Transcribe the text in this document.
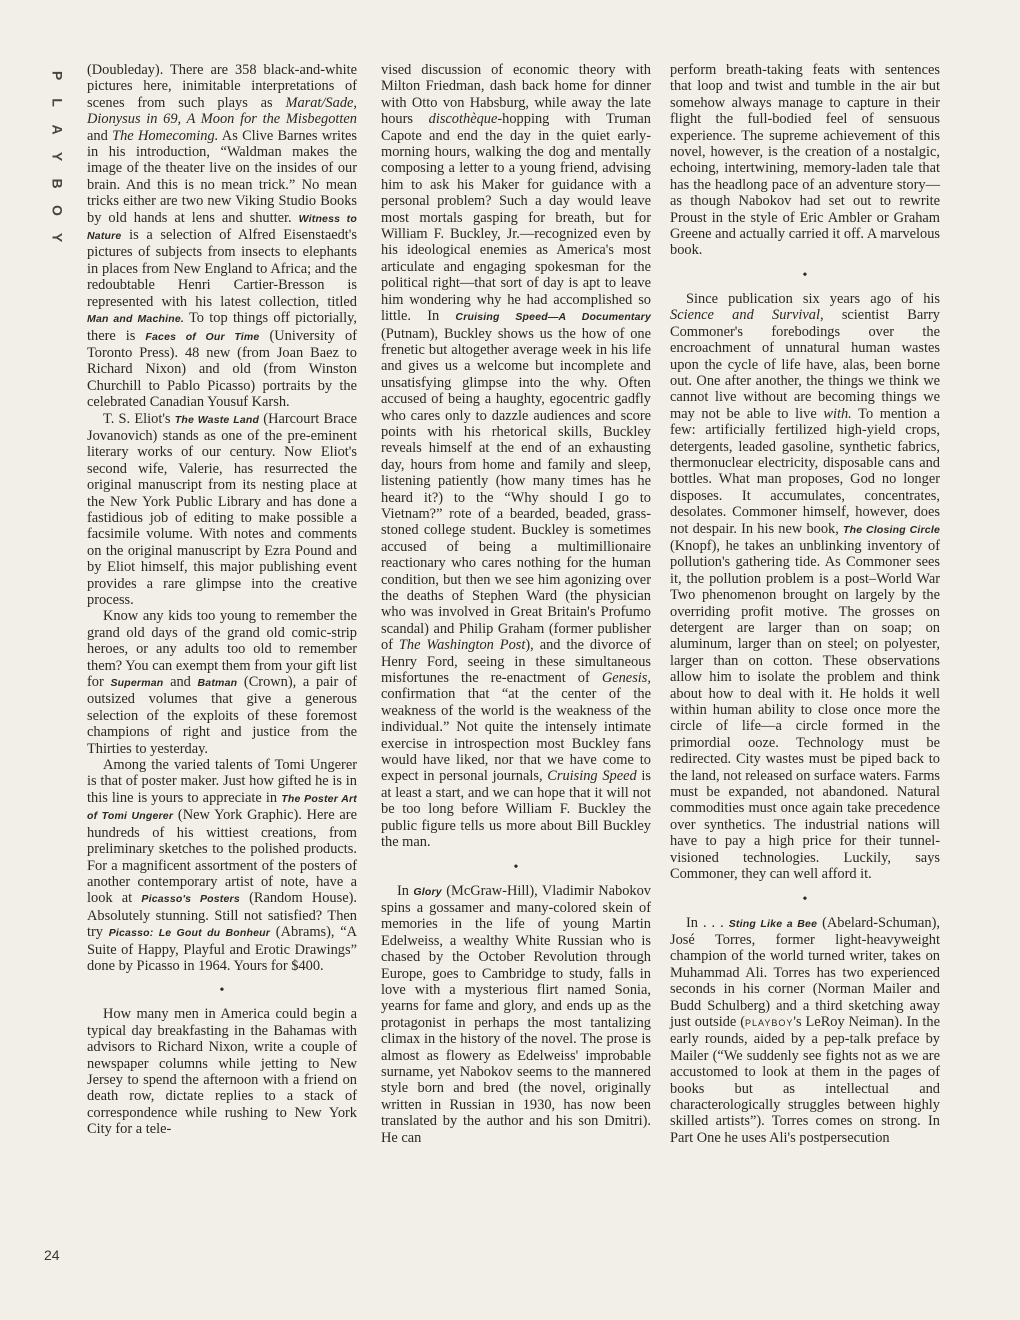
P
L
A
Y
B
O
Y
24

(Doubleday). There are 358 black-and-white pictures here, inimitable interpretations of scenes from such plays as Marat/Sade, Dionysus in 69, A Moon for the Misbegotten and The Homecoming. As Clive Barnes writes in his introduction, “Waldman makes the image of the theater live on the insides of our brain. And this is no mean trick.” No mean tricks either are two new Viking Studio Books by old hands at lens and shutter. Witness to Nature is a selection of Alfred Eisenstaedt's pictures of subjects from insects to elephants in places from New England to Africa; and the redoubtable Henri Cartier-Bresson is represented with his latest collection, titled Man and Machine. To top things off pictorially, there is Faces of Our Time (University of Toronto Press). 48 new (from Joan Baez to Richard Nixon) and old (from Winston Churchill to Pablo Picasso) portraits by the celebrated Canadian Yousuf Karsh.

T. S. Eliot's The Waste Land (Harcourt Brace Jovanovich) stands as one of the pre-eminent literary works of our century. Now Eliot's second wife, Valerie, has resurrected the original manuscript from its nesting place at the New York Public Library and has done a fastidious job of editing to make possible a facsimile volume. With notes and comments on the original manuscript by Ezra Pound and by Eliot himself, this major publishing event provides a rare glimpse into the creative process.

Know any kids too young to remember the grand old days of the grand old comic-strip heroes, or any adults too old to remember them? You can exempt them from your gift list for Superman and Batman (Crown), a pair of outsized volumes that give a generous selection of the exploits of these foremost champions of right and justice from the Thirties to yesterday.

Among the varied talents of Tomi Ungerer is that of poster maker. Just how gifted he is in this line is yours to appreciate in The Poster Art of Tomi Ungerer (New York Graphic). Here are hundreds of his wittiest creations, from preliminary sketches to the polished products. For a magnificent assortment of the posters of another contemporary artist of note, have a look at Picasso's Posters (Random House). Absolutely stunning. Still not satisfied? Then try Picasso: Le Gout du Bonheur (Abrams), “A Suite of Happy, Playful and Erotic Drawings” done by Picasso in 1964. Yours for $400.

•

How many men in America could begin a typical day breakfasting in the Bahamas with advisors to Richard Nixon, write a couple of newspaper columns while jetting to New Jersey to spend the afternoon with a friend on death row, dictate replies to a stack of correspondence while rushing to New York City for a tele-

vised discussion of economic theory with Milton Friedman, dash back home for dinner with Otto von Habsburg, while away the late hours discothèque-hopping with Truman Capote and end the day in the quiet early-morning hours, walking the dog and mentally composing a letter to a young friend, advising him to ask his Maker for guidance with a personal problem? Such a day would leave most mortals gasping for breath, but for William F. Buckley, Jr.—recognized even by his ideological enemies as America's most articulate and engaging spokesman for the political right—that sort of day is apt to leave him wondering why he had accomplished so little. In Cruising Speed—A Documentary (Putnam), Buckley shows us the how of one frenetic but altogether average week in his life and gives us a welcome but incomplete and unsatisfying glimpse into the why. Often accused of being a haughty, egocentric gadfly who cares only to dazzle audiences and score points with his rhetorical skills, Buckley reveals himself at the end of an exhausting day, hours from home and family and sleep, listening patiently (how many times has he heard it?) to the “Why should I go to Vietnam?” rote of a bearded, beaded, grass-stoned college student. Buckley is sometimes accused of being a multimillionaire reactionary who cares nothing for the human condition, but then we see him agonizing over the deaths of Stephen Ward (the physician who was involved in Great Britain's Profumo scandal) and Philip Graham (former publisher of The Washington Post), and the divorce of Henry Ford, seeing in these simultaneous misfortunes the re-enactment of Genesis, confirmation that “at the center of the weakness of the world is the weakness of the individual.” Not quite the intensely intimate exercise in introspection most Buckley fans would have liked, nor that we have come to expect in personal journals, Cruising Speed is at least a start, and we can hope that it will not be too long before William F. Buckley the public figure tells us more about Bill Buckley the man.

•

In Glory (McGraw-Hill), Vladimir Nabokov spins a gossamer and many-colored skein of memories in the life of young Martin Edelweiss, a wealthy White Russian who is chased by the October Revolution through Europe, goes to Cambridge to study, falls in love with a mysterious flirt named Sonia, yearns for fame and glory, and ends up as the protagonist in perhaps the most tantalizing climax in the history of the novel. The prose is almost as flowery as Edelweiss' improbable surname, yet Nabokov seems to the mannered style born and bred (the novel, originally written in Russian in 1930, has now been translated by the author and his son Dmitri). He can

perform breath-taking feats with sentences that loop and twist and tumble in the air but somehow always manage to capture in their flight the full-bodied feel of sensuous experience. The supreme achievement of this novel, however, is the creation of a nostalgic, echoing, intertwining, memory-laden tale that has the headlong pace of an adventure story—as though Nabokov had set out to rewrite Proust in the style of Eric Ambler or Graham Greene and actually carried it off. A marvelous book.

•

Since publication six years ago of his Science and Survival, scientist Barry Commoner's forebodings over the encroachment of unnatural human wastes upon the cycle of life have, alas, been borne out. One after another, the things we think we cannot live without are becoming things we may not be able to live with. To mention a few: artificially fertilized high-yield crops, detergents, leaded gasoline, synthetic fabrics, thermonuclear electricity, disposable cans and bottles. What man proposes, God no longer disposes. It accumulates, concentrates, desolates. Commoner himself, however, does not despair. In his new book, The Closing Circle (Knopf), he takes an unblinking inventory of pollution's gathering tide. As Commoner sees it, the pollution problem is a post–World War Two phenomenon brought on largely by the overriding profit motive. The grosses on detergent are larger than on soap; on aluminum, larger than on steel; on polyester, larger than on cotton. These observations allow him to isolate the problem and think about how to deal with it. He holds it well within human ability to close once more the circle of life—a circle formed in the primordial ooze. Technology must be redirected. City wastes must be piped back to the land, not released on surface waters. Farms must be expanded, not abandoned. Natural commodities must once again take precedence over synthetics. The industrial nations will have to pay a high price for their tunnel-visioned technologies. Luckily, says Commoner, they can well afford it.

•

In . . . Sting Like a Bee (Abelard-Schuman), José Torres, former light-heavyweight champion of the world turned writer, takes on Muhammad Ali. Torres has two experienced seconds in his corner (Norman Mailer and Budd Schulberg) and a third sketching away just outside (PLAYBOY's LeRoy Neiman). In the early rounds, aided by a pep-talk preface by Mailer (“We suddenly see fights not as we are accustomed to look at them in the pages of books but as intellectual and characterologically struggles between highly skilled artists”). Torres comes on strong. In Part One he uses Ali's postpersecution
